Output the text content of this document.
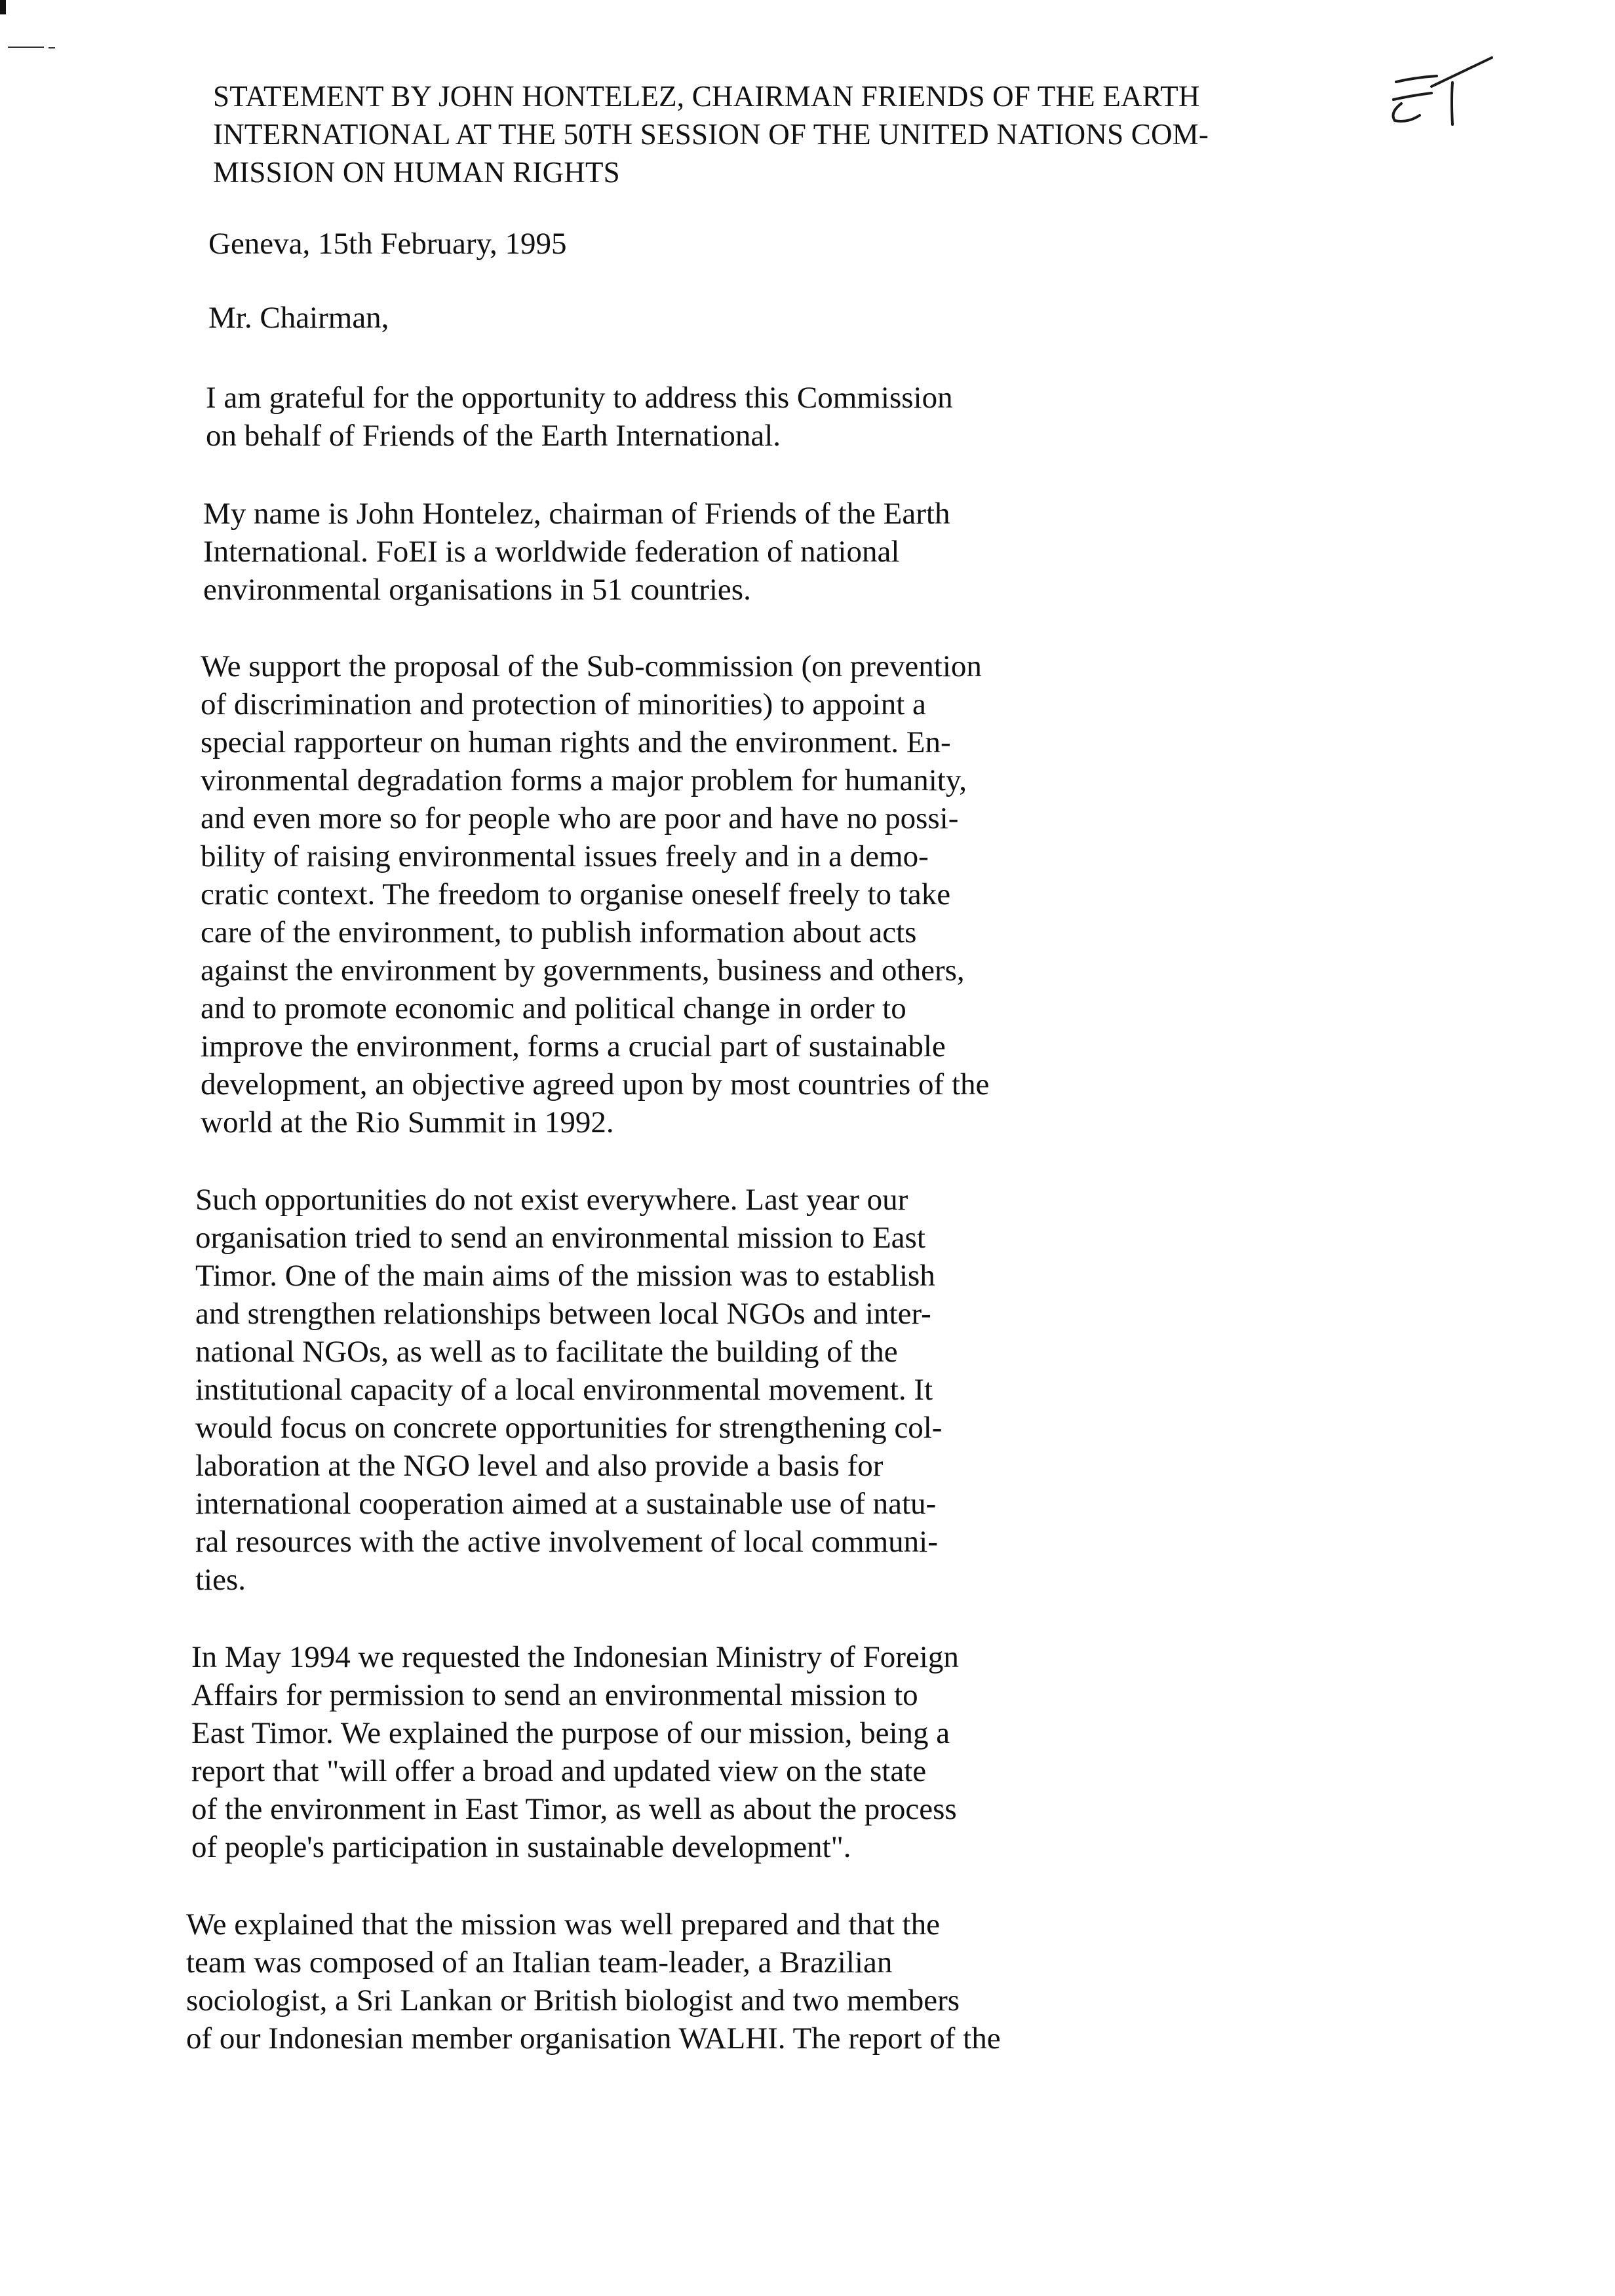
STATEMENT BY JOHN HONTELEZ, CHAIRMAN FRIENDS OF THE EARTH
INTERNATIONAL AT THE 50TH SESSION OF THE UNITED NATIONS COM-
MISSION ON HUMAN RIGHTS

Geneva, 15th February, 1995

Mr. Chairman,

I am grateful for the opportunity to address this Commission
on behalf of Friends of the Earth International.
My name is John Hontelez, chairman of Friends of the Earth
International. FoEI is a worldwide federation of national
environmental organisations in 51 countries.
We support the proposal of the Sub-commission (on prevention
of discrimination and protection of minorities) to appoint a
special rapporteur on human rights and the environment. En-
vironmental degradation forms a major problem for humanity,
and even more so for people who are poor and have no possi-
bility of raising environmental issues freely and in a demo-
cratic context. The freedom to organise oneself freely to take
care of the environment, to publish information about acts
against the environment by governments, business and others,
and to promote economic and political change in order to
improve the environment, forms a crucial part of sustainable
development, an objective agreed upon by most countries of the
world at the Rio Summit in 1992.
Such opportunities do not exist everywhere. Last year our
organisation tried to send an environmental mission to East
Timor. One of the main aims of the mission was to establish
and strengthen relationships between local NGOs and inter-
national NGOs, as well as to facilitate the building of the
institutional capacity of a local environmental movement. It
would focus on concrete opportunities for strengthening col-
laboration at the NGO level and also provide a basis for
international cooperation aimed at a sustainable use of natu-
ral resources with the active involvement of local communi-
ties.
In May 1994 we requested the Indonesian Ministry of Foreign
Affairs for permission to send an environmental mission to
East Timor. We explained the purpose of our mission, being a
report that "will offer a broad and updated view on the state
of the environment in East Timor, as well as about the process
of people's participation in sustainable development".
We explained that the mission was well prepared and that the
team was composed of an Italian team-leader, a Brazilian
sociologist, a Sri Lankan or British biologist and two members
of our Indonesian member organisation WALHI. The report of the
